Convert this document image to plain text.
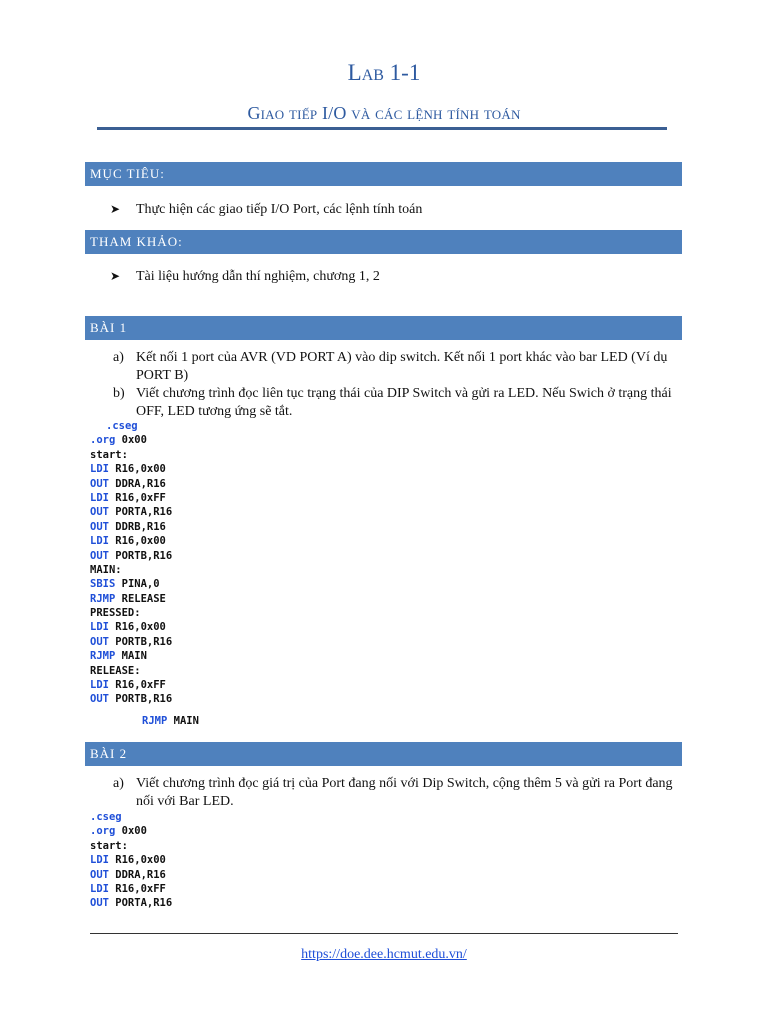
Lab 1-1
Giao tiếp I/O và các lệnh tính toán
MỤC TIÊU:
➤ Thực hiện các giao tiếp I/O Port, các lệnh tính toán
THAM KHẢO:
➤ Tài liệu hướng dẫn thí nghiệm, chương 1, 2
BÀI 1
a) Kết nối 1 port của AVR (VD PORT A) vào dip switch. Kết nối 1 port khác vào bar LED (Ví dụ PORT B)
b) Viết chương trình đọc liên tục trạng thái của DIP Switch và gửi ra LED. Nếu Swich ở trạng thái OFF, LED tương ứng sẽ tắt.
.cseg
.org 0x00
start:
LDI R16,0x00
OUT DDRA,R16
LDI R16,0xFF
OUT PORTA,R16
OUT DDRB,R16
LDI R16,0x00
OUT PORTB,R16
MAIN:
SBIS PINA,0
RJMP RELEASE
PRESSED:
LDI R16,0x00
OUT PORTB,R16
RJMP MAIN
RELEASE:
LDI R16,0xFF
OUT PORTB,R16
RJMP MAIN
BÀI 2
a) Viết chương trình đọc giá trị của Port đang nối với Dip Switch, cộng thêm 5 và gửi ra Port đang nối với Bar LED.
.cseg
.org 0x00
start:
LDI R16,0x00
OUT DDRA,R16
LDI R16,0xFF
OUT PORTA,R16
https://doe.dee.hcmut.edu.vn/
